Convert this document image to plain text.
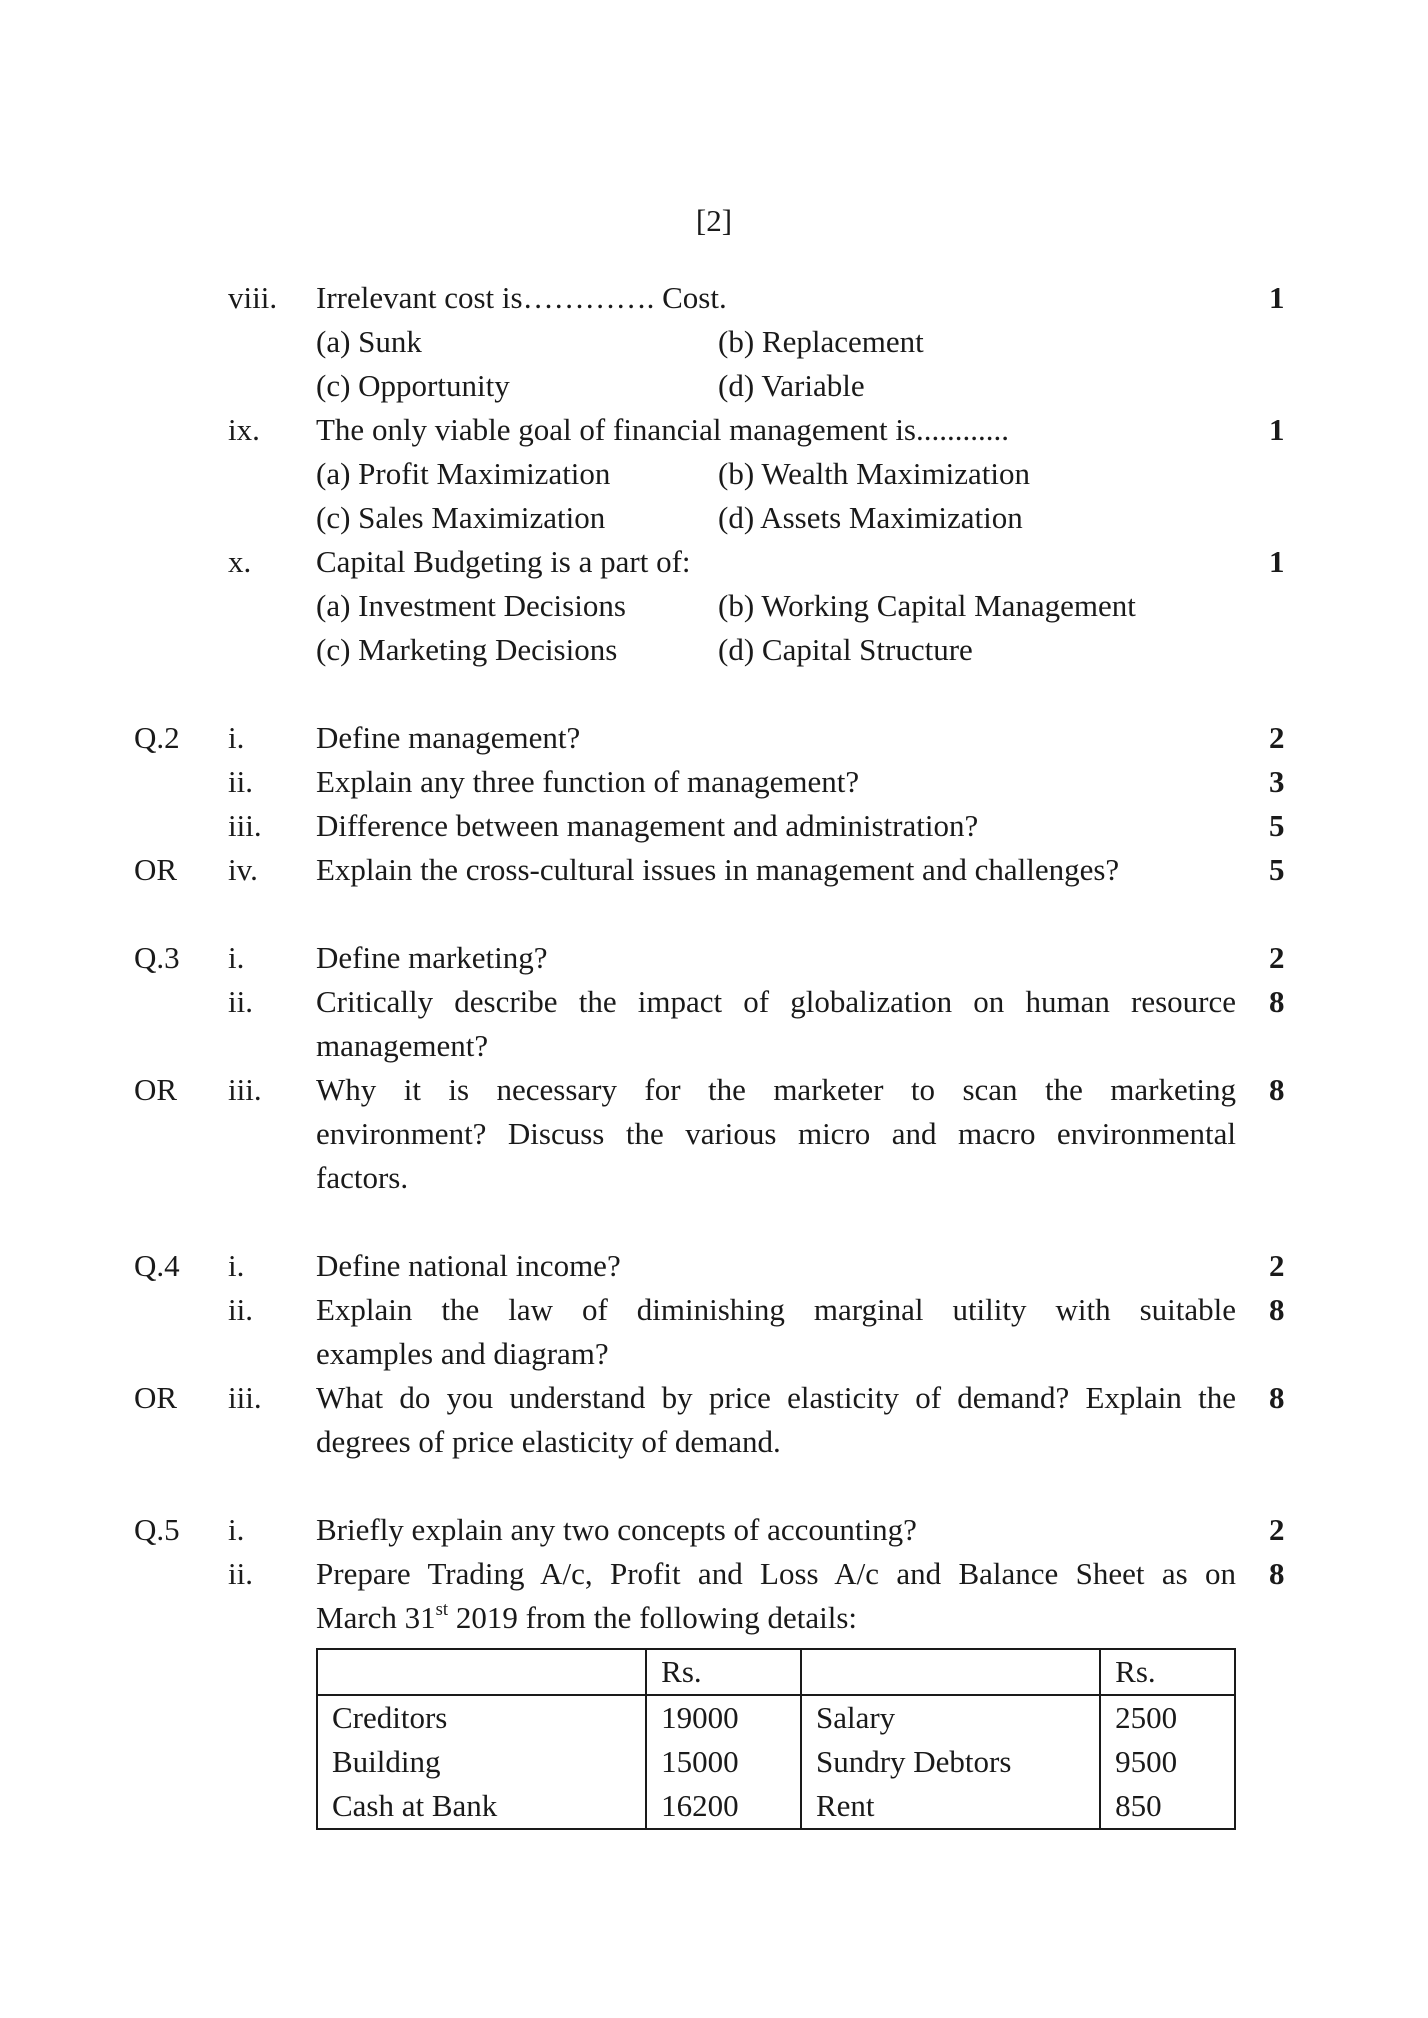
[2]
viii. Irrelevant cost is…………. Cost.	1
(a) Sunk	(b) Replacement
(c) Opportunity	(d) Variable
ix. The only viable goal of financial management is............	1
(a) Profit Maximization	(b) Wealth Maximization
(c) Sales Maximization	(d) Assets Maximization
x. Capital Budgeting is a part of:	1
(a) Investment Decisions	(b) Working Capital Management
(c) Marketing Decisions	(d) Capital Structure
Q.2 i. Define management?	2
ii. Explain any three function of management?	3
iii. Difference between management and administration?	5
OR iv. Explain the cross-cultural issues in management and challenges?	5
Q.3 i. Define marketing?	2
ii. Critically describe the impact of globalization on human resource 8
management?
OR iii. Why it is necessary for the marketer to scan the marketing 8
environment? Discuss the various micro and macro environmental
factors.
Q.4 i. Define national income?	2
ii. Explain the law of diminishing marginal utility with suitable 8
examples and diagram?
OR iii. What do you understand by price elasticity of demand? Explain the 8
degrees of price elasticity of demand.
Q.5 i. Briefly explain any two concepts of accounting?	2
ii. Prepare Trading A/c, Profit and Loss A/c and Balance Sheet as on 8
March 31st 2019 from the following details:
	Rs.		Rs.
Creditors	19000	Salary	2500
Building	15000	Sundry Debtors	9500
Cash at Bank	16200	Rent	850
